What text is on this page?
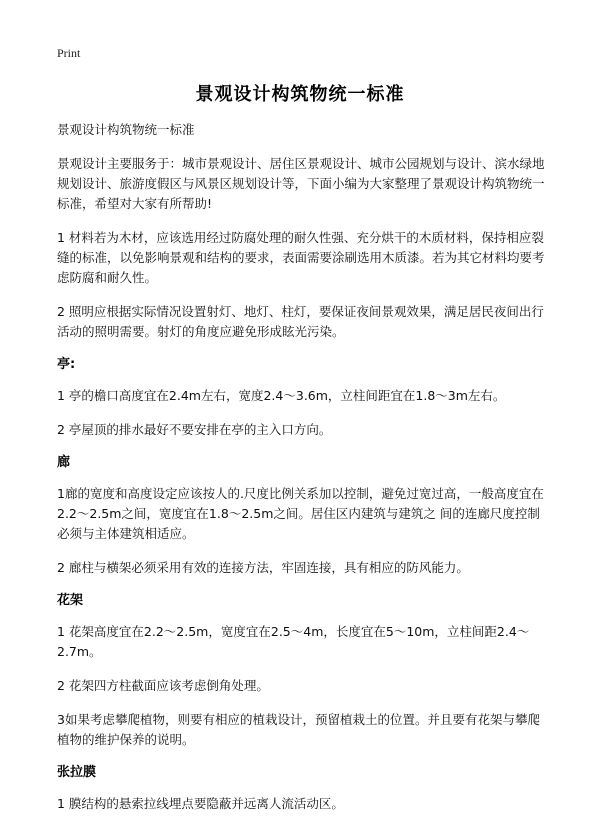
Print
景观设计构筑物统一标准

景观设计构筑物统一标准

景观设计主要服务于：城市景观设计、居住区景观设计、城市公园规划与设计、滨水绿地规划设计、旅游度假区与风景区规划设计等，下面小编为大家整理了景观设计构筑物统一标准，希望对大家有所帮助!

1 材料若为木材，应该选用经过防腐处理的耐久性强、充分烘干的木质材料，保持相应裂缝的标准，以免影响景观和结构的要求，表面需要涂刷选用木质漆。若为其它材料均要考虑防腐和耐久性。

2 照明应根据实际情况设置射灯、地灯、柱灯，要保证夜间景观效果，满足居民夜间出行活动的照明需要。射灯的角度应避免形成眩光污染。

亭:

1 亭的檐口高度宜在2.4m左右，宽度2.4～3.6m，立柱间距宜在1.8～3m左右。

2 亭屋顶的排水最好不要安排在亭的主入口方向。

廊

1廊的宽度和高度设定应该按人的.尺度比例关系加以控制，避免过宽过高，一般高度宜在2.2～2.5m之间，宽度宜在1.8～2.5m之间。居住区内建筑与建筑之 间的连廊尺度控制必须与主体建筑相适应。

2 廊柱与横架必须采用有效的连接方法，牢固连接，具有相应的防风能力。

花架

1 花架高度宜在2.2～2.5m，宽度宜在2.5～4m，长度宜在5～10m，立柱间距2.4～2.7m。

2 花架四方柱截面应该考虑倒角处理。

3如果考虑攀爬植物，则要有相应的植栽设计，预留植栽土的位置。并且要有花架与攀爬植物的维护保养的说明。

张拉膜

1 膜结构的悬索拉线埋点要隐蔽并远离人流活动区。
